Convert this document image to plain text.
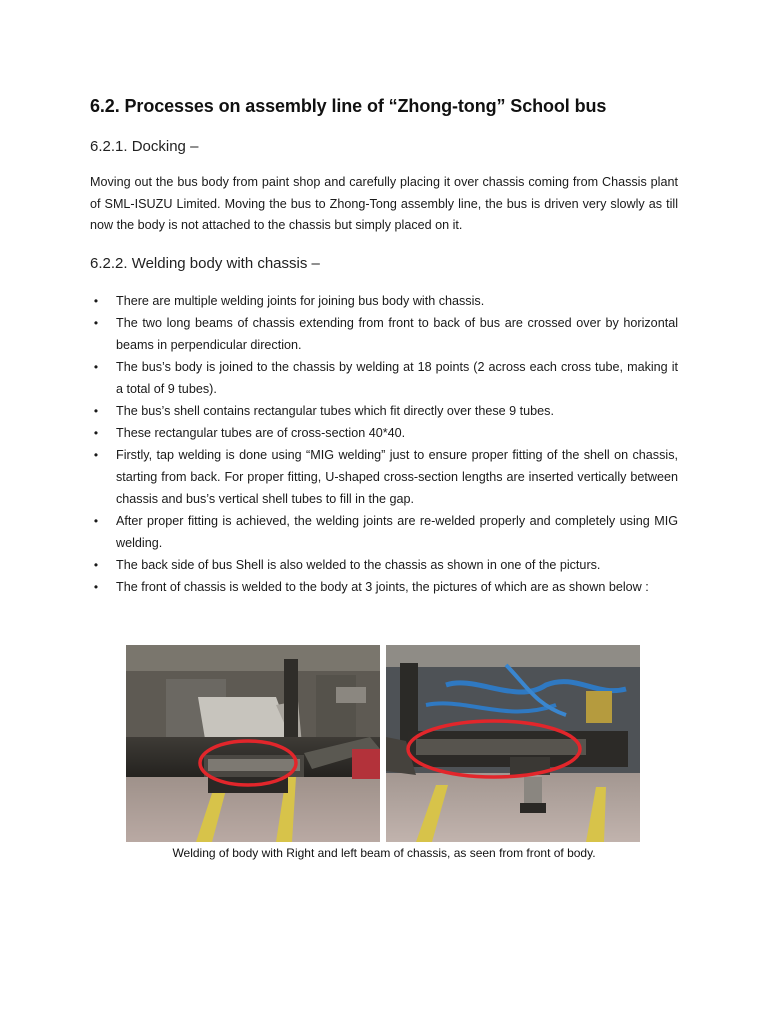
6.2. Processes on assembly line of “Zhong-tong” School bus
6.2.1. Docking –

Moving out the bus body from paint shop and carefully placing it over chassis coming from Chassis plant of SML-ISUZU Limited. Moving the bus to Zhong-Tong assembly line, the bus is driven very slowly as till now the body is not attached to the chassis but simply placed on it.

6.2.2. Welding body with chassis –
•	There are multiple welding joints for joining bus body with chassis.
•	The two long beams of chassis extending from front to back of bus are crossed over by horizontal beams in perpendicular direction.
•	The bus’s body is joined to the chassis by welding at 18 points (2 across each cross tube, making it a total of 9 tubes).
•	The bus’s shell contains rectangular tubes which fit directly over these 9 tubes.
•	These rectangular tubes are of cross-section 40*40.
•	Firstly, tap welding is done using “MIG welding” just to ensure proper fitting of the shell on chassis, starting from back. For proper fitting, U-shaped cross-section lengths are inserted vertically between chassis and bus’s vertical shell tubes to fill in the gap.
•	After proper fitting is achieved, the welding joints are re-welded properly and completely using MIG welding.
•	The back side of bus Shell is also welded to the chassis as shown in one of the picturs.
•	The front of chassis is welded to the body at 3 joints, the pictures of which are as shown below :
Welding of body with Right and left beam of chassis, as seen from front of body.
